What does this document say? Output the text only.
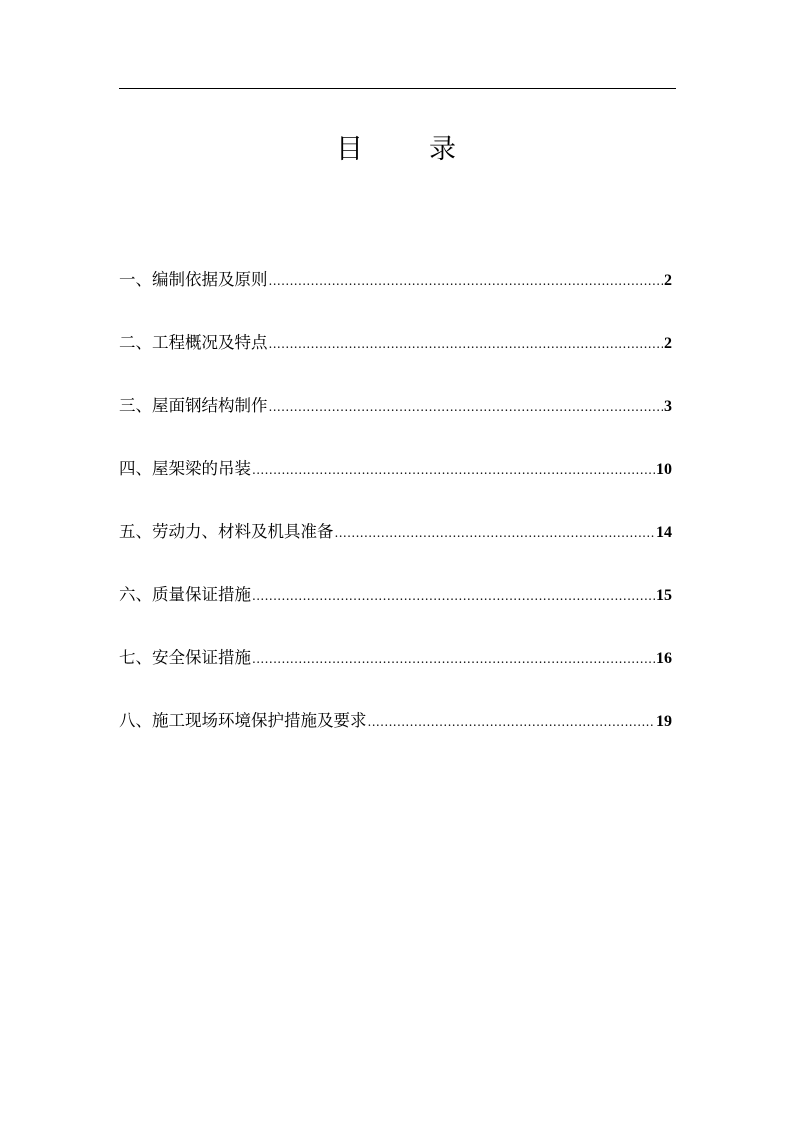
目 录
一、编制依据及原则 .....	2
二、工程概况及特点 .....	2
三、屋面钢结构制作 .....	3
四、屋架梁的吊装 .....	10
五、劳动力、材料及机具准备 .....	14
六、质量保证措施 .....	15
七、安全保证措施 .....	16
八、施工现场环境保护措施及要求 .....	19
